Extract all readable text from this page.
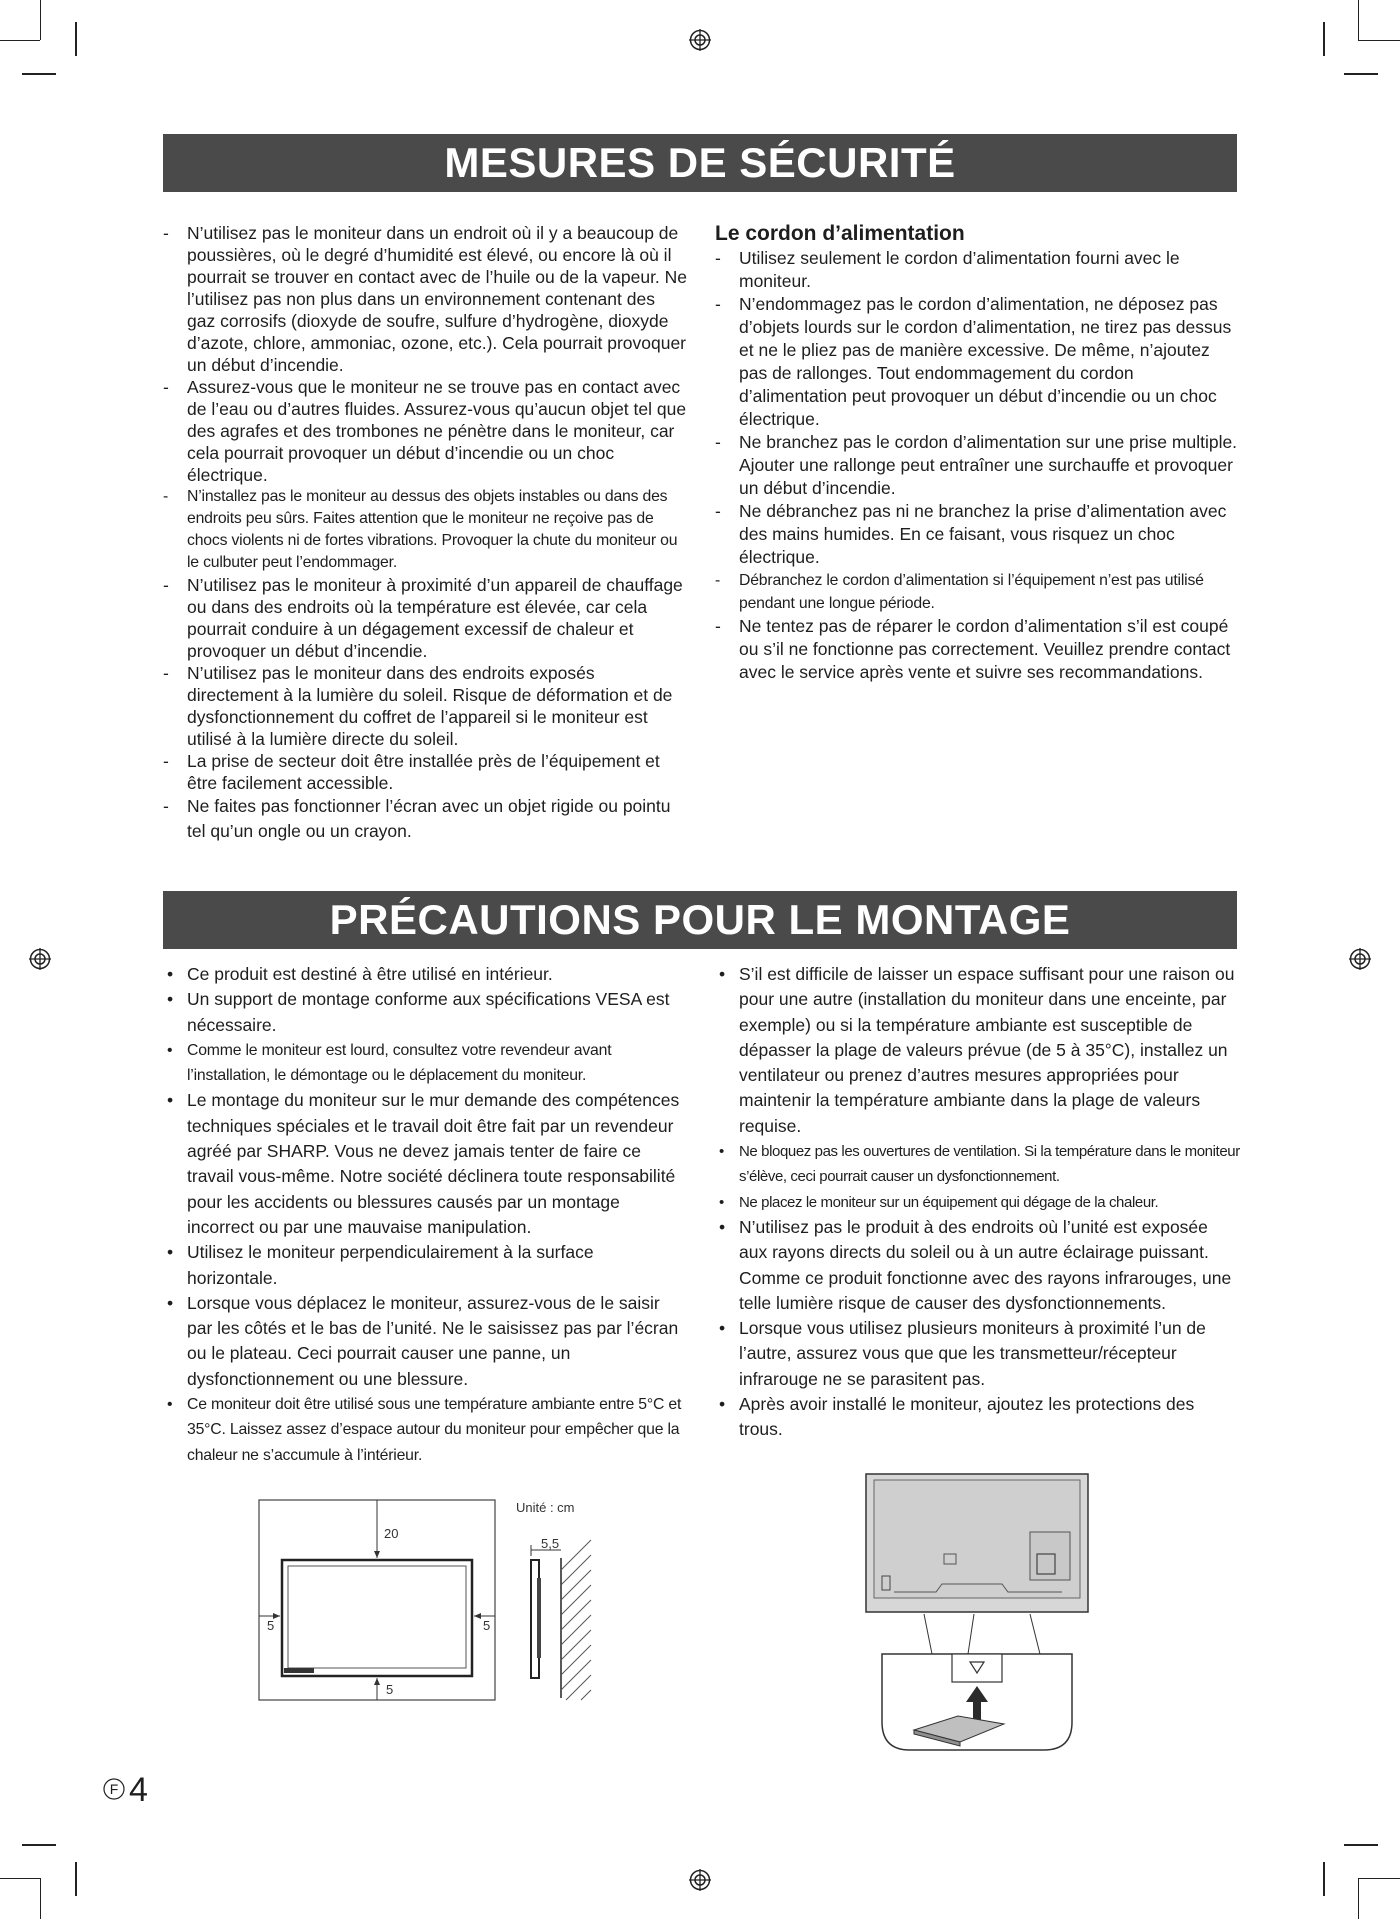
MESURES DE SÉCURITÉ
- N’utilisez pas le moniteur dans un endroit où il y a beaucoup de poussières, où le degré d’humidité est élevé, ou encore là où il pourrait se trouver en contact avec de l’huile ou de la vapeur. Ne l’utilisez pas non plus dans un environnement contenant des gaz corrosifs (dioxyde de soufre, sulfure d’hydrogène, dioxyde d’azote, chlore, ammoniac, ozone, etc.). Cela pourrait provoquer un début d’incendie.
- Assurez-vous que le moniteur ne se trouve pas en contact avec de l’eau ou d’autres fluides. Assurez-vous qu’aucun objet tel que des agrafes et des trombones ne pénètre dans le moniteur, car cela pourrait provoquer un début d’incendie ou un choc électrique.
- N’installez pas le moniteur au dessus des objets instables ou dans des endroits peu sûrs. Faites attention que le moniteur ne reçoive pas de chocs violents ni de fortes vibrations. Provoquer la chute du moniteur ou le culbuter peut l’endommager.
- N’utilisez pas le moniteur à proximité d’un appareil de chauffage ou dans des endroits où la température est élevée, car cela pourrait conduire à un dégagement excessif de chaleur et provoquer un début d’incendie.
- N’utilisez pas le moniteur dans des endroits exposés directement à la lumière du soleil. Risque de déformation et de dysfonctionnement du coffret de l’appareil si le moniteur est utilisé à la lumière directe du soleil.
- La prise de secteur doit être installée près de l’équipement et être facilement accessible.
- Ne faites pas fonctionner l’écran avec un objet rigide ou pointu tel qu’un ongle ou un crayon.
Le cordon d’alimentation
- Utilisez seulement le cordon d’alimentation fourni avec le moniteur.
- N’endommagez pas le cordon d’alimentation, ne déposez pas d’objets lourds sur le cordon d’alimentation, ne tirez pas dessus et ne le pliez pas de manière excessive. De même, n’ajoutez pas de rallonges. Tout endommagement du cordon d’alimentation peut provoquer un début d’incendie ou un choc électrique.
- Ne branchez pas le cordon d’alimentation sur une prise multiple. Ajouter une rallonge peut entraîner une surchauffe et provoquer un début d’incendie.
- Ne débranchez pas ni ne branchez la prise d’alimentation avec des mains humides. En ce faisant, vous risquez un choc électrique.
- Débranchez le cordon d’alimentation si l’équipement n’est pas utilisé pendant une longue période.
- Ne tentez pas de réparer le cordon d’alimentation s’il est coupé ou s’il ne fonctionne pas correctement. Veuillez prendre contact avec le service après vente et suivre ses recommandations.
PRÉCAUTIONS POUR LE MONTAGE
• Ce produit est destiné à être utilisé en intérieur.
• Un support de montage conforme aux spécifications VESA est nécessaire.
• Comme le moniteur est lourd, consultez votre revendeur avant l’installation, le démontage ou le déplacement du moniteur.
• Le montage du moniteur sur le mur demande des compétences techniques spéciales et le travail doit être fait par un revendeur agréé par SHARP. Vous ne devez jamais tenter de faire ce travail vous-même. Notre société déclinera toute responsabilité pour les accidents ou blessures causés par un montage incorrect ou par une mauvaise manipulation.
• Utilisez le moniteur perpendiculairement à la surface horizontale.
• Lorsque vous déplacez le moniteur, assurez-vous de le saisir par les côtés et le bas de l’unité. Ne le saisissez pas par l’écran ou le plateau. Ceci pourrait causer une panne, un dysfonctionnement ou une blessure.
• Ce moniteur doit être utilisé sous une température ambiante entre 5°C et 35°C. Laissez assez d’espace autour du moniteur pour empêcher que la chaleur ne s’accumule à l’intérieur.
• S’il est difficile de laisser un espace suffisant pour une raison ou pour une autre (installation du moniteur dans une enceinte, par exemple) ou si la température ambiante est susceptible de dépasser la plage de valeurs prévue (de 5 à 35°C), installez un ventilateur ou prenez d’autres mesures appropriées pour maintenir la température ambiante dans la plage de valeurs requise.
• Ne bloquez pas les ouvertures de ventilation. Si la température dans le moniteur s’élève, ceci pourrait causer un dysfonctionnement.
• Ne placez le moniteur sur un équipement qui dégage de la chaleur.
• N’utilisez pas le produit à des endroits où l’unité est exposée aux rayons directs du soleil ou à un autre éclairage puissant. Comme ce produit fonctionne avec des rayons infrarouges, une telle lumière risque de causer des dysfonctionnements.
• Lorsque vous utilisez plusieurs moniteurs à proximité l’un de l’autre, assurez vous que que les transmetteur/récepteur infrarouge ne se parasitent pas.
• Après avoir installé le moniteur, ajoutez les protections des trous.
Unité : cm
20
5	5
5
5,5
F 4
